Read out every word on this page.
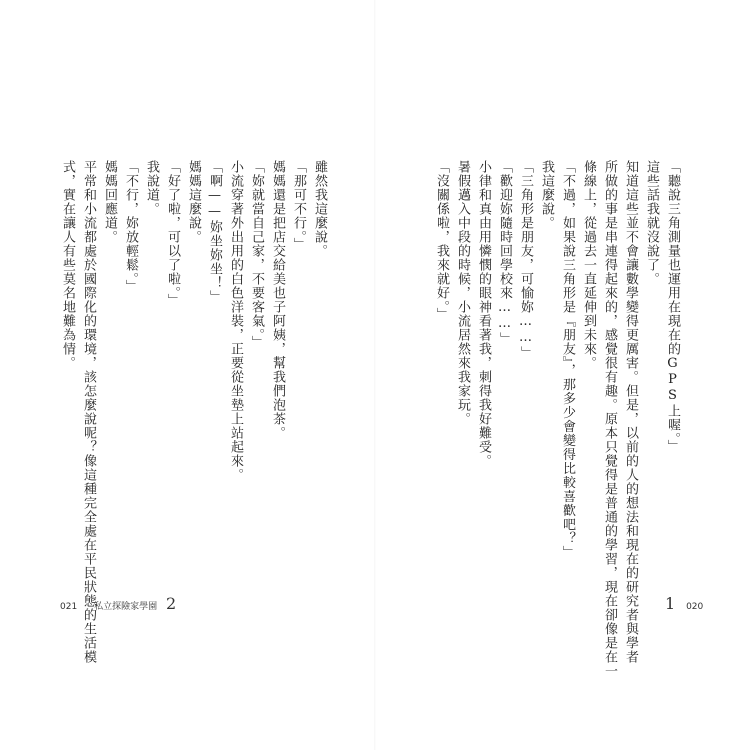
「聽說三角測量也運用在現在的GPS上喔。」
這些話我就沒說了。
知道這些並不會讓數學變得更厲害。但是，以前的人的想法和現在的研究者與學者
所做的事是串連得起來的，感覺很有趣。原本只覺得是普通的學習，現在卻像是在一
條線上，從過去一直延伸到未來。
「不過，如果說三角形是『朋友』，那多少會變得比較喜歡吧？」
我這麼說。
「三角形是朋友，可愉妳……」
「歡迎妳隨時回學校來……」
小律和真由用憐憫的眼神看著我，刺得我好難受。
暑假邁入中段的時候，小流居然來我家玩。
「沒關係啦，我來就好。」
雖然我這麼說。
「那可不行。」
媽媽還是把店交給美也子阿姨，幫我們泡茶。
「妳就當自己家，不要客氣。」
小流穿著外出用的白色洋裝，正要從坐墊上站起來。
「啊——妳坐妳坐！」
媽媽這麼說。
「好了啦，可以了啦。」
我說道。
「不行，妳放輕鬆。」
媽媽回應道。
平常和小流都處於國際化的環境，該怎麼說呢？像這種完全處在平民狀態的生活模
式，實在讓人有些莫名地難為情。
1 020
021 私立探險家學園 2
